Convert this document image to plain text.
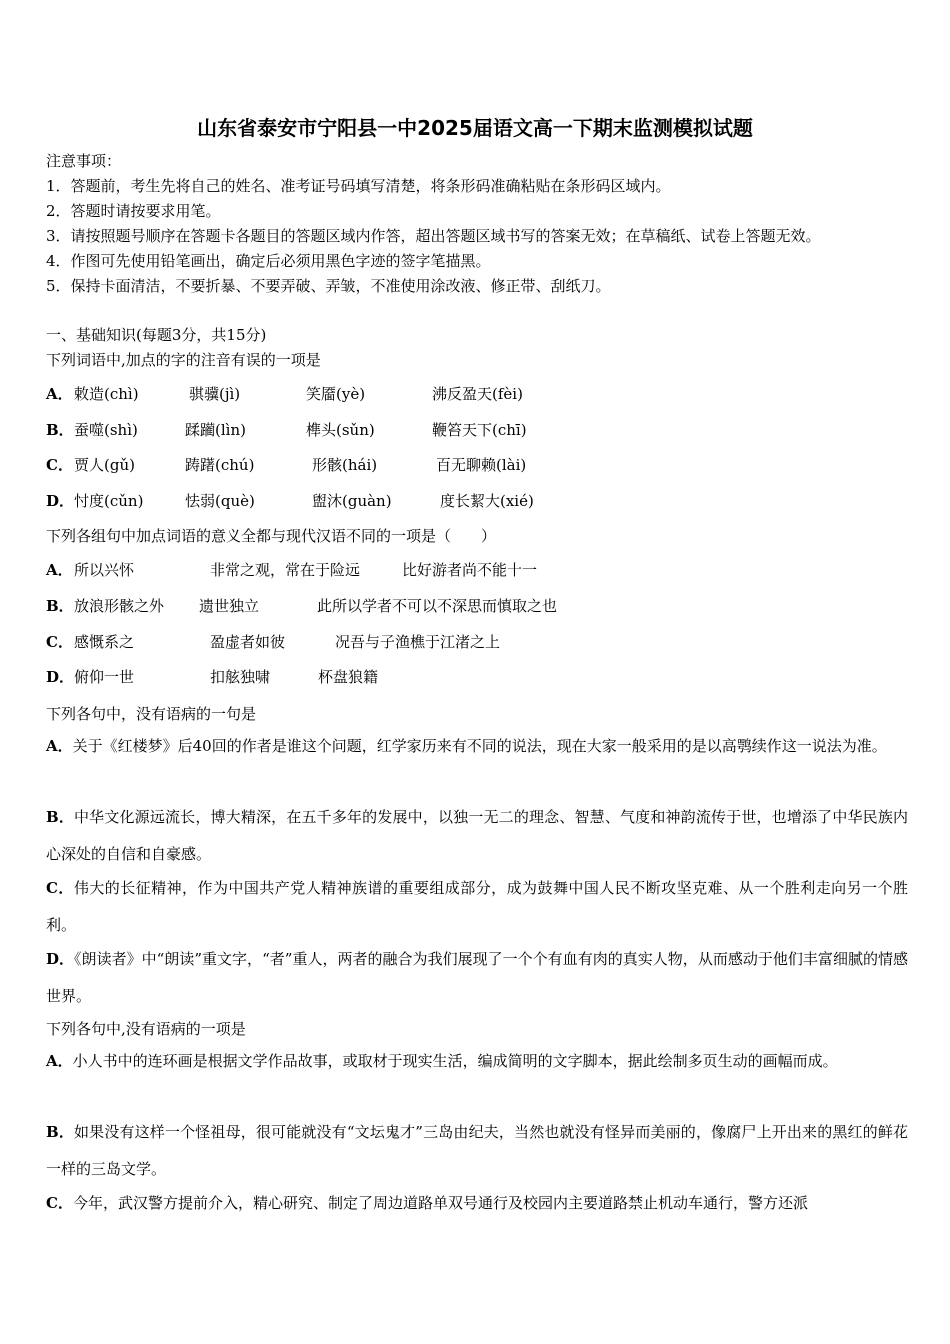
山东省泰安市宁阳县一中2025届语文高一下期末监测模拟试题
注意事项：
1．答题前，考生先将自己的姓名、准考证号码填写清楚，将条形码准确粘贴在条形码区域内。
2．答题时请按要求用笔。
3．请按照题号顺序在答题卡各题目的答题区域内作答，超出答题区域书写的答案无效；在草稿纸、试卷上答题无效。
4．作图可先使用铅笔画出，确定后必须用黑色字迹的签字笔描黑。
5．保持卡面清洁，不要折暴、不要弄破、弄皱，不准使用涂改液、修正带、刮纸刀。
一、基础知识(每题3分，共15分)
下列词语中,加点的字的注音有误的一项是
A． 敕造(chì)	骐骥(jì)	笑靥(yè)	沸反盈天(fèi)
B． 蚕噬(shì)	蹂躏(lìn)	榫头(sǔn)	鞭笞天下(chī)
C． 贾人(gǔ)	踌躇(chú)	形骸(hái)	百无聊赖(lài)
D． 忖度(cǔn)	怯弱(què)	盥沐(guàn)	度长絜大(xié)
下列各组句中加点词语的意义全都与现代汉语不同的一项是（　　）
A． 所以兴怀	非常之观，常在于险远	比好游者尚不能十一
B． 放浪形骸之外 遗世独立	此所以学者不可以不深思而慎取之也
C． 感慨系之	盈虚者如彼	况吾与子渔樵于江渚之上
D． 俯仰一世	扣舷独啸	杯盘狼籍
下列各句中，没有语病的一句是
A．关于《红楼梦》后40回的作者是谁这个问题，红学家历来有不同的说法，现在大家一般采用的是以高鹗续作这一说法为准。
B．中华文化源远流长，博大精深，在五千多年的发展中，以独一无二的理念、智慧、气度和神韵流传于世，也增添了中华民族内心深处的自信和自豪感。
C．伟大的长征精神，作为中国共产党人精神族谱的重要组成部分，成为鼓舞中国人民不断攻坚克难、从一个胜利走向另一个胜利。
D．《朗读者》中“朗读”重文字，“者”重人，两者的融合为我们展现了一个个有血有肉的真实人物，从而感动于他们丰富细腻的情感世界。
下列各句中,没有语病的一项是
A．小人书中的连环画是根据文学作品故事，或取材于现实生活，编成简明的文字脚本，据此绘制多页生动的画幅而成。
B．如果没有这样一个怪祖母，很可能就没有“文坛鬼才”三岛由纪夫，当然也就没有怪异而美丽的，像腐尸上开出来的黑红的鲜花一样的三岛文学。
C．今年，武汉警方提前介入，精心研究、制定了周边道路单双号通行及校园内主要道路禁止机动车通行，警方还派
